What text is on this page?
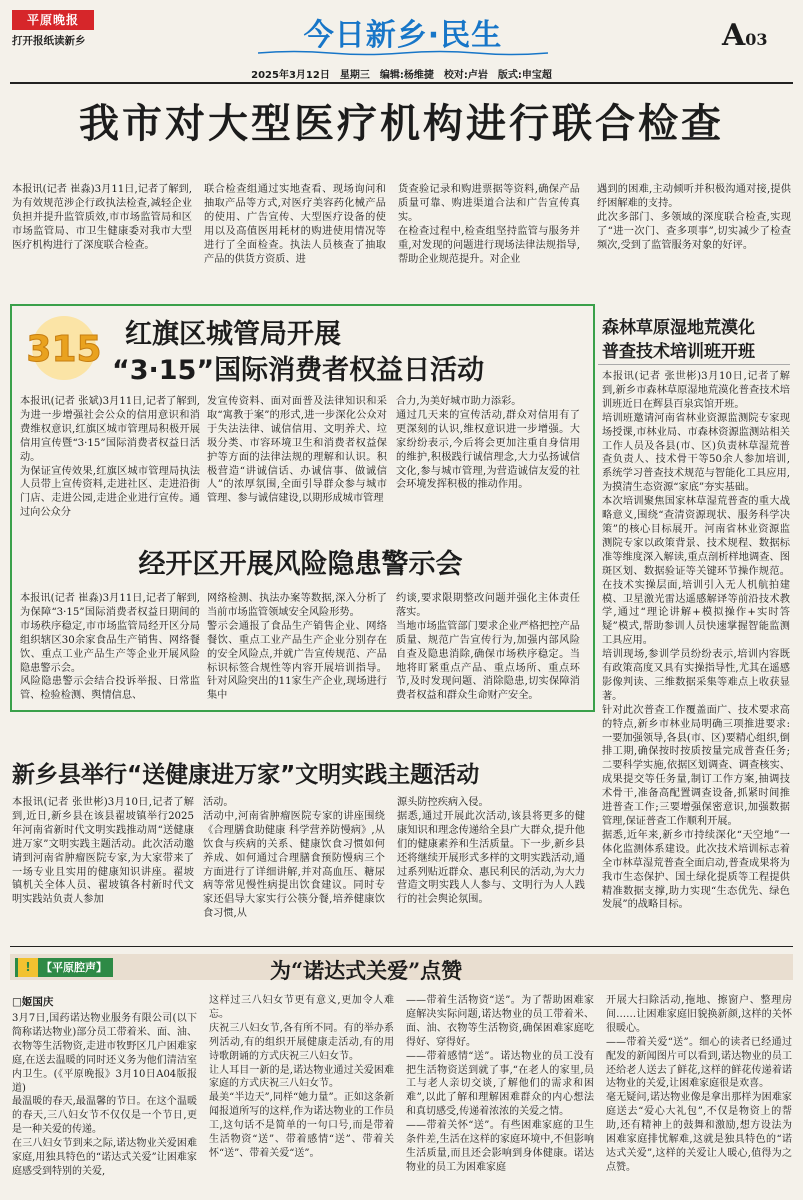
平原晚报
打开报纸读新乡	今日新乡·民生	A03
2025年3月12日　星期三　编辑:杨维捷　校对:卢岩　版式:申宝超
我市对大型医疗机构进行联合检查
本报讯(记者 崔淼)3月11日,记者了解到,为有效规范涉企行政执法检查,减轻企业负担并提升监管质效,市市场监管局和区市场监管局、市卫生健康委对我市大型医疗机构进行了深度联合检查。
联合检查组通过实地查看、现场询问和抽取产品等方式,对医疗美容药化械产品的使用、广告宣传、大型医疗设备的使用以及高值医用耗材的购进使用情况等进行了全面检查。执法人员核查了抽取产品的供货方资质、进
货查验记录和购进票据等资料,确保产品质量可靠、购进渠道合法和广告宣传真实。
在检查过程中,检查组坚持监管与服务并重,对发现的问题进行现场法律法规指导,帮助企业规范提升。对企业
遇到的困难,主动倾听并积极沟通对接,提供纾困解难的支持。
此次多部门、多领域的深度联合检查,实现了“进一次门、查多项事”,切实减少了检查频次,受到了监管服务对象的好评。
315 红旗区城管局开展
“3·15”国际消费者权益日活动
本报讯(记者 张斌)3月11日,记者了解到,为进一步增强社会公众的信用意识和消费维权意识,红旗区城市管理局积极开展信用宣传暨“3·15”国际消费者权益日活动。
为保证宣传效果,红旗区城市管理局执法人员带上宣传资料,走进社区、走进沿街门店、走进公园,走进企业进行宣传。通过向公众分
发宣传资料、面对面普及法律知识和采取“寓教于案”的形式,进一步深化公众对于失法法律、诚信信用、文明养犬、垃圾分类、市容环境卫生和消费者权益保护等方面的法律法规的理解和认识。积极营造“讲诚信话、办诚信事、做诚信人”的浓厚氛围,全面引导群众参与城市管理、参与诚信建设,以期形成城市管理
合力,为美好城市助力添彩。
通过几天来的宣传活动,群众对信用有了更深刻的认识,维权意识进一步增强。大家纷纷表示,今后将会更加注重自身信用的维护,积极践行诚信理念,大力弘扬诚信文化,参与城市管理,为营造诚信友爱的社会环境发挥积极的推动作用。
经开区开展风险隐患警示会
本报讯(记者 崔淼)3月11日,记者了解到,为保障“3·15”国际消费者权益日期间的市场秩序稳定,市市场监管局经开区分局组织辖区30余家食品生产销售、网络餐饮、重点工业产品生产等企业开展风险隐患警示会。
风险隐患警示会结合投诉举报、日常监管、检验检测、舆情信息、
网络检测、执法办案等数据,深入分析了当前市场监管领域安全风险形势。
警示会通报了食品生产销售企业、网络餐饮、重点工业产品生产企业分别存在的安全风险点,并就广告宣传规范、产品标识标签合规性等内容开展培训指导。针对风险突出的11家生产企业,现场进行集中
约谈,要求限期整改问题并强化主体责任落实。
当地市场监管部门要求企业严格把控产品质量、规范广告宣传行为,加强内部风险自查及隐患消除,确保市场秩序稳定。当地将盯紧重点产品、重点场所、重点环节,及时发现问题、消除隐患,切实保障消费者权益和群众生命财产安全。
森林草原湿地荒漠化
普查技术培训班开班
本报讯(记者 张世彬)3月10日,记者了解到,新乡市森林草原湿地荒漠化普查技术培训班近日在辉县百泉宾馆开班。
培训班邀请河南省林业资源监测院专家现场授课,市林业局、市森林资源监测站相关工作人员及各县(市、区)负责林草湿荒普查负责人、技术骨干等50余人参加培训,系统学习普查技术规范与智能化工具应用,为摸清生态资源“家底”夯实基础。
本次培训聚焦国家林草湿荒普查的重大战略意义,围绕“查清资源现状、服务科学决策”的核心目标展开。河南省林业资源监测院专家以政策背景、技术规程、数据标准等维度深入解读,重点剖析样地调查、图斑区划、数据验证等关键环节操作规范。在技术实操层面,培训引入无人机航拍建模、卫星激光雷达遥感解译等前沿技术教学,通过“理论讲解+模拟操作+实时答疑”模式,帮助参训人员快速掌握智能监测工具应用。
培训现场,参训学员纷纷表示,培训内容既有政策高度又具有实操指导性,尤其在遥感影像判读、三维数据采集等难点上收获显著。
针对此次普查工作覆盖面广、技术要求高的特点,新乡市林业局明确三项推进要求:一要加强领导,各县(市、区)要精心组织,倒排工期,确保按时按质按量完成普查任务;二要科学实施,依据区划调查、调查核实、成果提交等任务量,制订工作方案,抽调技术骨干,准备高配置调查设备,抓紧时间推进普查工作;三要增强保密意识,加强数据管理,保证普查工作顺利开展。
据悉,近年来,新乡市持续深化“天空地”一体化监测体系建设。此次技术培训标志着全市林草湿荒普查全面启动,普查成果将为我市生态保护、国土绿化提质等工程提供精准数据支撑,助力实现“生态优先、绿色发展”的战略目标。
新乡县举行“送健康进万家”文明实践主题活动
本报讯(记者 张世彬)3月10日,记者了解到,近日,新乡县在该县翟坡镇举行2025年河南省新时代文明实践推动周“送健康进万家”文明实践主题活动。此次活动邀请到河南省肿瘤医院专家,为大家带来了一场专业且实用的健康知识讲座。翟坡镇机关全体人员、翟坡镇各村新时代文明实践站负责人参加
活动。
活动中,河南省肿瘤医院专家的讲座围绕《合理膳食助健康 科学营养防慢病》,从饮食与疾病的关系、健康饮食习惯如何养成、如何通过合理膳食预防慢病三个方面进行了详细讲解,并对高血压、糖尿病等常见慢性病提出饮食建议。同时专家还倡导大家实行公筷分餐,培养健康饮食习惯,从
源头防控疾病入侵。
据悉,通过开展此次活动,该县将更多的健康知识和理念传递给全县广大群众,提升他们的健康素养和生活质量。下一步,新乡县还将继续开展形式多样的文明实践活动,通过系列贴近群众、惠民利民的活动,为大力营造文明实践人人参与、文明行为人人践行的社会舆论氛围。
【平原腔声】
!	为“诺达式关爱”点赞
□姬国庆
3月7日,国药诺达物业服务有限公司(以下简称诺达物业)部分员工带着米、面、油、衣物等生活物资,走进市牧野区几户困难家庭,在送去温暖的同时还义务为他们清洁室内卫生。(《平原晚报》3月10日A04版报道)
最温暖的春天,最温馨的节日。在这个温暖的春天,三八妇女节不仅仅是一个节日,更是一种关爱的传递。
在三八妇女节到来之际,诺达物业关爱困难家庭,用独具特色的“诺达式关爱”让困难家庭感受到特别的关爱,
这样过三八妇女节更有意义,更加令人难忘。
庆祝三八妇女节,各有所不同。有的举办系列活动,有的组织开展健康走活动,有的用诗歌朗诵的方式庆祝三八妇女节。
让人耳目一新的是,诺达物业通过关爱困难家庭的方式庆祝三八妇女节。
最美“半边天”,同样“她力量”。正如这条新闻报道所写的这样,作为诺达物业的工作员工,这句话不是简单的一句口号,而是带着生活物资“送”、带着感情“送”、带着关怀“送”、带着关爱“送”。
——带着生活物资“送”。为了帮助困难家庭解决实际问题,诺达物业的员工带着米、面、油、衣物等生活物资,确保困难家庭吃得好、穿得好。
——带着感情“送”。诺达物业的员工没有把生活物资送到就了事,“在老人的家里,员工与老人亲切交谈,了解他们的需求和困难”,以此了解和理解困难群众的内心想法和真切感受,传递着浓浓的关爱之情。
——带着关怀“送”。有些困难家庭的卫生条件差,生活在这样的家庭环境中,不但影响生活质量,而且还会影响到身体健康。诺达物业的员工为困难家庭
开展大扫除活动,拖地、擦窗户、整理房间……让困难家庭旧貌换新颜,这样的关怀很暖心。
——带着关爱“送”。细心的读者已经通过配发的新闻图片可以看到,诺达物业的员工还给老人送去了鲜花,这样的鲜花传递着诺达物业的关爱,让困难家庭很是欢喜。
毫无疑问,诺达物业像是拿出那样为困难家庭送去“爱心大礼包”,不仅是物资上的帮助,还有精神上的鼓舞和激励,想方设法为困难家庭排忧解难,这就是独具特色的“诺达式关爱”,这样的关爱让人暖心,值得为之点赞。
